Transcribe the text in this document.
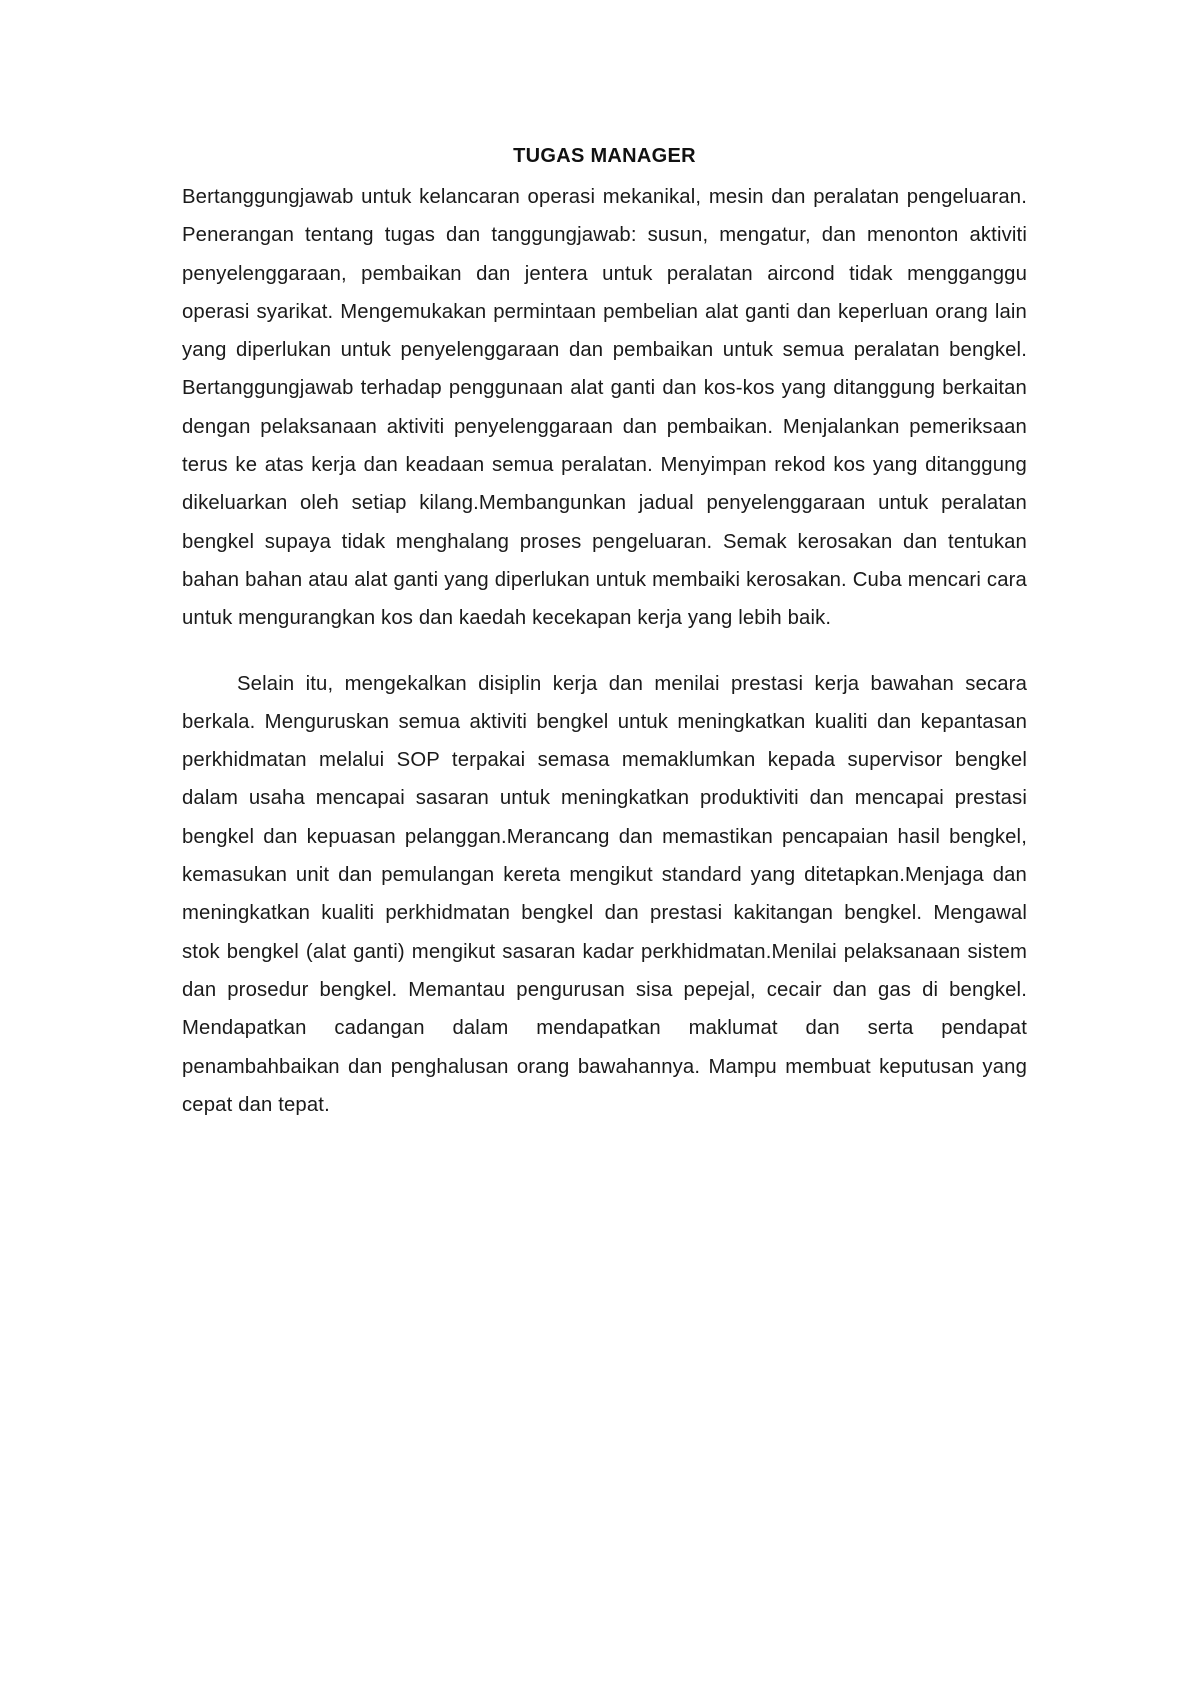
TUGAS MANAGER

Bertanggungjawab untuk kelancaran operasi mekanikal, mesin dan peralatan pengeluaran. Penerangan tentang tugas dan tanggungjawab: susun, mengatur, dan menonton aktiviti penyelenggaraan, pembaikan dan jentera untuk peralatan aircond tidak mengganggu operasi syarikat. Mengemukakan permintaan pembelian alat ganti dan keperluan orang lain yang diperlukan untuk penyelenggaraan dan pembaikan untuk semua peralatan bengkel. Bertanggungjawab terhadap penggunaan alat ganti dan kos-kos yang ditanggung berkaitan dengan pelaksanaan aktiviti penyelenggaraan dan pembaikan. Menjalankan pemeriksaan terus ke atas kerja dan keadaan semua peralatan. Menyimpan rekod kos yang ditanggung dikeluarkan oleh setiap kilang.Membangunkan jadual penyelenggaraan untuk peralatan bengkel supaya tidak menghalang proses pengeluaran. Semak kerosakan dan tentukan bahan bahan atau alat ganti yang diperlukan untuk membaiki kerosakan. Cuba mencari cara untuk mengurangkan kos dan kaedah kecekapan kerja yang lebih baik.

Selain itu, mengekalkan disiplin kerja dan menilai prestasi kerja bawahan secara berkala. Menguruskan semua aktiviti bengkel untuk meningkatkan kualiti dan kepantasan perkhidmatan melalui SOP terpakai semasa memaklumkan kepada supervisor bengkel dalam usaha mencapai sasaran untuk meningkatkan produktiviti dan mencapai prestasi bengkel dan kepuasan pelanggan.Merancang dan memastikan pencapaian hasil bengkel, kemasukan unit dan pemulangan kereta mengikut standard yang ditetapkan.Menjaga dan meningkatkan kualiti perkhidmatan bengkel dan prestasi kakitangan bengkel. Mengawal stok bengkel (alat ganti) mengikut sasaran kadar perkhidmatan.Menilai pelaksanaan sistem dan prosedur bengkel. Memantau pengurusan sisa pepejal, cecair dan gas di bengkel. Mendapatkan cadangan dalam mendapatkan maklumat dan serta pendapat penambahbaikan dan penghalusan orang bawahannya. Mampu membuat keputusan yang cepat dan tepat.
